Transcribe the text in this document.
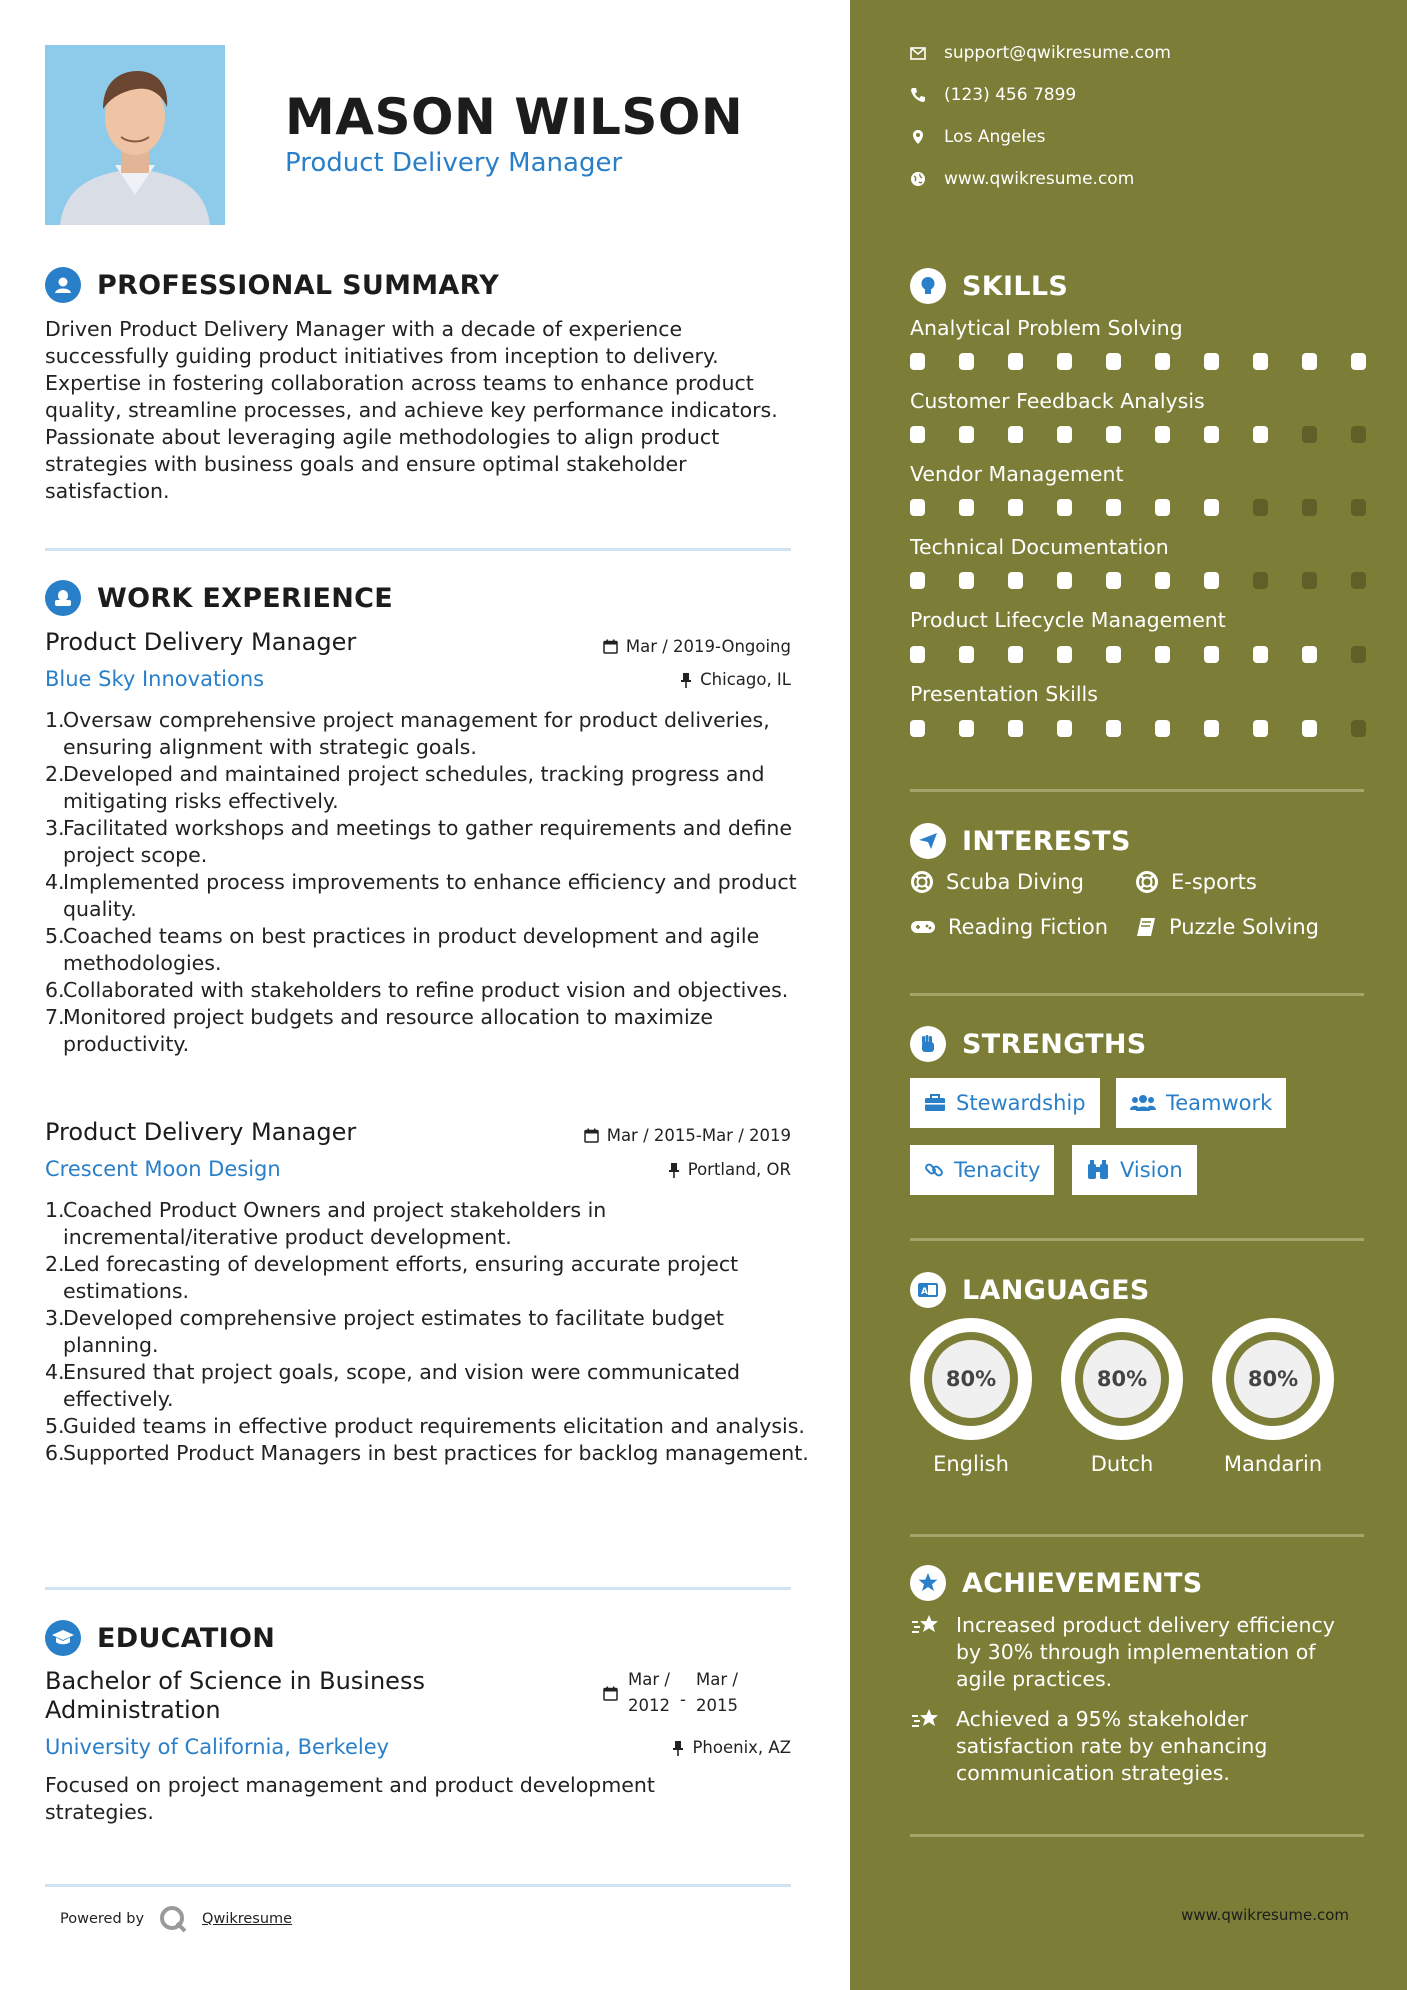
MASON WILSON
Product Delivery Manager
PROFESSIONAL SUMMARY
Driven Product Delivery Manager with a decade of experience successfully guiding product initiatives from inception to delivery. Expertise in fostering collaboration across teams to enhance product quality, streamline processes, and achieve key performance indicators. Passionate about leveraging agile methodologies to align product strategies with business goals and ensure optimal stakeholder satisfaction.
WORK EXPERIENCE
Product Delivery Manager	Mar / 2019-Ongoing
Blue Sky Innovations	Chicago, IL
1.
Oversaw comprehensive project management for product deliveries, ensuring alignment with strategic goals.
2.
Developed and maintained project schedules, tracking progress and mitigating risks effectively.
3.
Facilitated workshops and meetings to gather requirements and define project scope.
4.
Implemented process improvements to enhance efficiency and product quality.
5.
Coached teams on best practices in product development and agile methodologies.
6.
Collaborated with stakeholders to refine product vision and objectives.
7.
Monitored project budgets and resource allocation to maximize productivity.
Product Delivery Manager	Mar / 2015-Mar / 2019
Crescent Moon Design	Portland, OR
1.
Coached Product Owners and project stakeholders in incremental/iterative product development.
2.
Led forecasting of development efforts, ensuring accurate project estimations.
3.
Developed comprehensive project estimates to facilitate budget planning.
4.
Ensured that project goals, scope, and vision were communicated effectively.
5.
Guided teams in effective product requirements elicitation and analysis.
6.
Supported Product Managers in best practices for backlog management.
EDUCATION
Bachelor of Science in Business
Administration
Mar /
2012 -
Mar /
2015
University of California, Berkeley	Phoenix, AZ
Focused on project management and product development strategies.
Powered by	Qwikresume
support@qwikresume.com
(123) 456 7899
Los Angeles
www.qwikresume.com
SKILLS
Analytical Problem Solving
Customer Feedback Analysis
Vendor Management
Technical Documentation
Product Lifecycle Management
Presentation Skills
INTERESTS
Scuba Diving	E-sports
Reading Fiction	Puzzle Solving
STRENGTHS
Stewardship	Teamwork
Tenacity	Vision
A LANGUAGES
80%
English
80%
Dutch
80%
Mandarin
ACHIEVEMENTS
Increased product delivery efficiency by 30% through implementation of agile practices.
Achieved a 95% stakeholder satisfaction rate by enhancing communication strategies.
www.qwikresume.com
